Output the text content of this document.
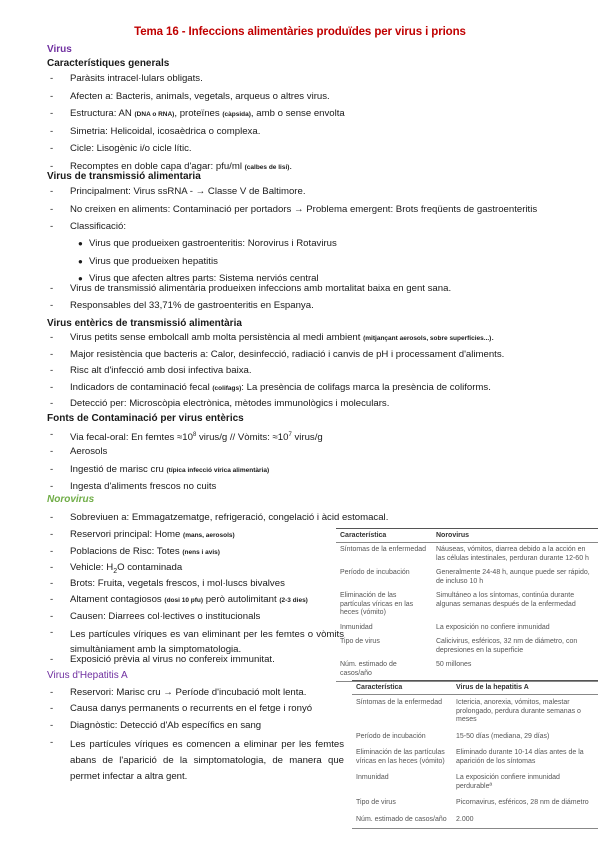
Tema 16 - Infeccions alimentàries produïdes per virus i prions
Virus
Característiques generals
- Paràsits intracel·lulars obligats.
- Afecten a: Bacteris, animals, vegetals, arqueus o altres virus.
- Estructura: AN (DNA o RNA), proteïnes (càpsida), amb o sense envolta
- Simetria: Helicoidal, icosaèdrica o complexa.
- Cicle: Lisogènic i/o cicle lític.
- Recomptes en doble capa d'agar: pfu/ml (calbes de lisi).
Virus de transmissió alimentaria
- Principalment: Virus ssRNA - → Classe V de Baltimore.
- No creixen en aliments: Contaminació per portadors → Problema emergent: Brots freqüents de gastroenteritis
- Classificació:
● Virus que produeixen gastroenteritis: Norovirus i Rotavirus
● Virus que produeixen hepatitis
● Virus que afecten altres parts: Sistema nerviós central
- Virus de transmissió alimentària produeixen infeccions amb mortalitat baixa en gent sana.
- Responsables del 33,71% de gastroenteritis en Espanya.
Virus entèrics de transmissió alimentària
- Virus petits sense embolcall amb molta persistència al medi ambient (mitjançant aerosols, sobre superfícies...).
- Major resistència que bacteris a: Calor, desinfecció, radiació i canvis de pH i processament d'aliments.
- Risc alt d'infecció amb dosi infectiva baixa.
- Indicadors de contaminació fecal (colifags): La presència de colifags marca la presència de coliforms.
- Detecció per: Microscòpia electrònica, mètodes immunològics i moleculars.
Fonts de Contaminació per virus entèrics
- Via fecal-oral: En femtes $\approx 10^8$ virus/g // Vòmits: $\approx 10^7$ virus/g
- Aerosols
- Ingestió de marisc cru (típica infecció vírica alimentària)
- Ingesta d'aliments frescos no cuits
Norovirus
- Sobreviuen a: Emmagatzematge, refrigeració, congelació i àcid estomacal.
- Reservori principal: Home (mans, aerosols)
- Poblacions de Risc: Totes (nens i avis)
- Vehicle: $H_2O$ contaminada
- Brots: Fruita, vegetals frescos, i mol·luscs bivalves
- Altament contagiosos (dosi 10 pfu) però autolimitant (2-3 dies)
- Causen: Diarrees col·lectives o institucionals
- Les partícules víriques es van eliminant per les femtes o vòmits simultàniament amb la simptomatologia.
- Exposició prèvia al virus no confereix immunitat.
Característica	Norovirus
Síntomas de la enfermedad	Náuseas, vómitos, diarrea debido a la acción en las células intestinales, perduran durante 12-60 h
Período de incubación	Generalmente 24-48 h, aunque puede ser rápido, de incluso 10 h
Eliminación de las partículas víricas en las heces (vómito)	Simultáneo a los síntomas, continúa durante algunas semanas después de la enfermedad
Inmunidad	La exposición no confiere inmunidad
Tipo de virus	Calicivirus, esféricos, 32 nm de diámetro, con depresiones en la superficie
Núm. estimado de casos/año	50 millones
Virus d'Hepatitis A
- Reservori: Marisc cru → Període d'incubació molt lenta.
- Causa danys permanents o recurrents en el fetge i ronyó
- Diagnòstic: Detecció d'Ab específics en sang
- Les partícules víriques es comencen a eliminar per les femtes abans de l'aparició de la simptomatologia, de manera que permet infectar a altra gent.
Característica	Virus de la hepatitis A
Síntomas de la enfermedad	Ictericia, anorexia, vómitos, malestar prolongado, perdura durante semanas o meses
Período de incubación	15-50 días (mediana, 29 días)
Eliminación de las partículas víricas en las heces (vómito)	Eliminado durante 10-14 días antes de la aparición de los síntomas
Inmunidad	La exposición confiere inmunidad perdurableª
Tipo de virus	Picornavirus, esféricos, 28 nm de diámetro
Núm. estimado de casos/año	2.000
